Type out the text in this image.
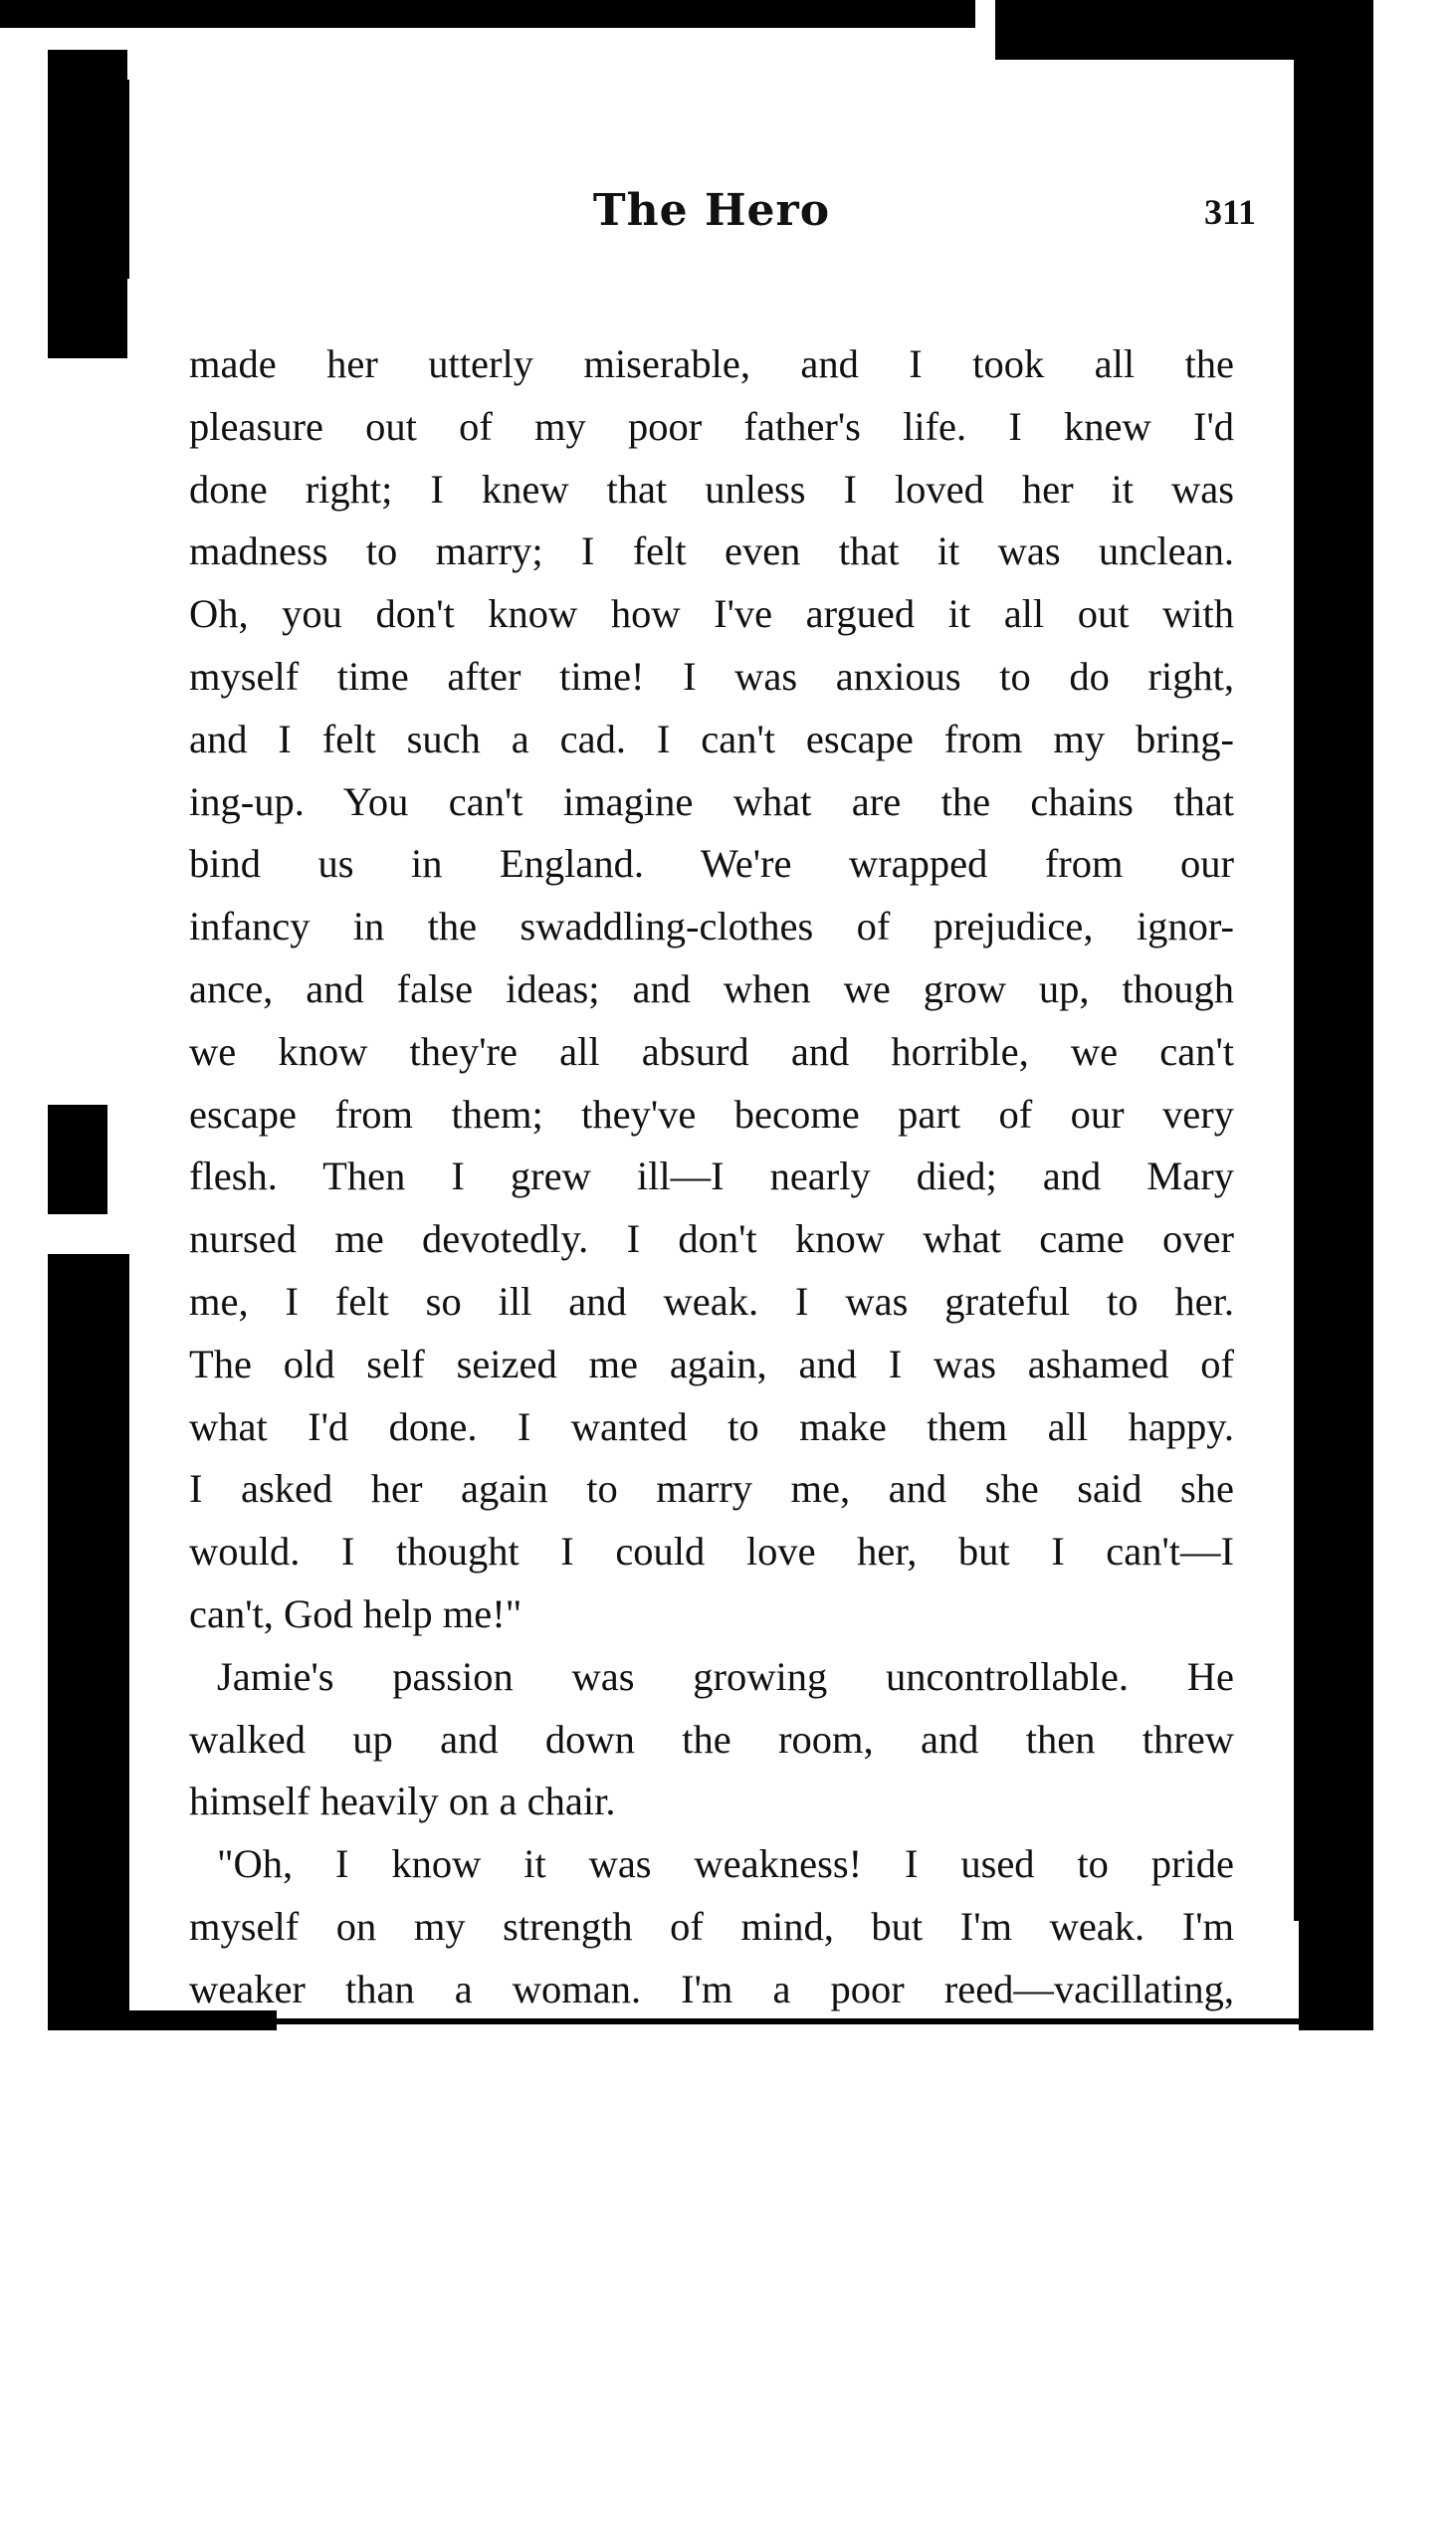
The Hero	311
made her utterly miserable, and I took all the
pleasure out of my poor father's life. I knew I'd
done right; I knew that unless I loved her it was
madness to marry; I felt even that it was unclean.
Oh, you don't know how I've argued it all out with
myself time after time! I was anxious to do right,
and I felt such a cad. I can't escape from my bring-
ing-up. You can't imagine what are the chains that
bind us in England. We're wrapped from our
infancy in the swaddling-clothes of prejudice, ignor-
ance, and false ideas; and when we grow up, though
we know they're all absurd and horrible, we can't
escape from them; they've become part of our very
flesh. Then I grew ill—I nearly died; and Mary
nursed me devotedly. I don't know what came over
me, I felt so ill and weak. I was grateful to her.
The old self seized me again, and I was ashamed of
what I'd done. I wanted to make them all happy.
I asked her again to marry me, and she said she
would. I thought I could love her, but I can't—I
can't, God help me!"
Jamie's passion was growing uncontrollable. He
walked up and down the room, and then threw
himself heavily on a chair.
"Oh, I know it was weakness! I used to pride
myself on my strength of mind, but I'm weak. I'm
weaker than a woman. I'm a poor reed—vacillating,
